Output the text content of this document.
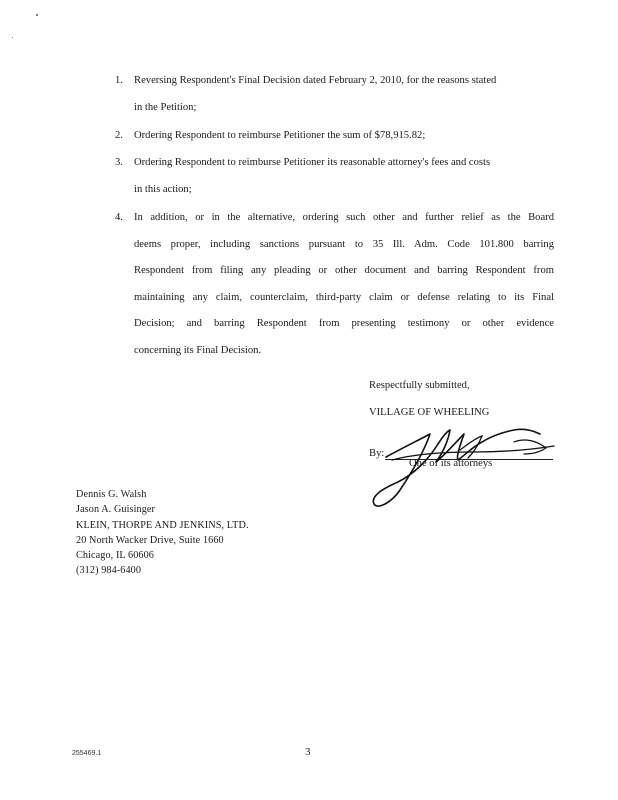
1.	Reversing Respondent's Final Decision dated February 2, 2010, for the reasons stated
in the Petition;
2.	Ordering Respondent to reimburse Petitioner the sum of $78,915.82;
3.	Ordering Respondent to reimburse Petitioner its reasonable attorney's fees and costs
in this action;
4.	In addition, or in the alternative, ordering such other and further relief as the Board
deems proper, including sanctions pursuant to 35 Ill. Adm. Code 101.800 barring
Respondent from filing any pleading or other document and barring Respondent from
maintaining any claim, counterclaim, third-party claim or defense relating to its Final
Decision; and barring Respondent from presenting testimony or other evidence
concerning its Final Decision.
Respectfully submitted,
VILLAGE OF WHEELING
By:
One of its attorneys
Dennis G. Walsh
Jason A. Guisinger
KLEIN, THORPE AND JENKINS, LTD.
20 North Wacker Drive, Suite 1660
Chicago, IL 60606
(312) 984-6400
255469.1	3
